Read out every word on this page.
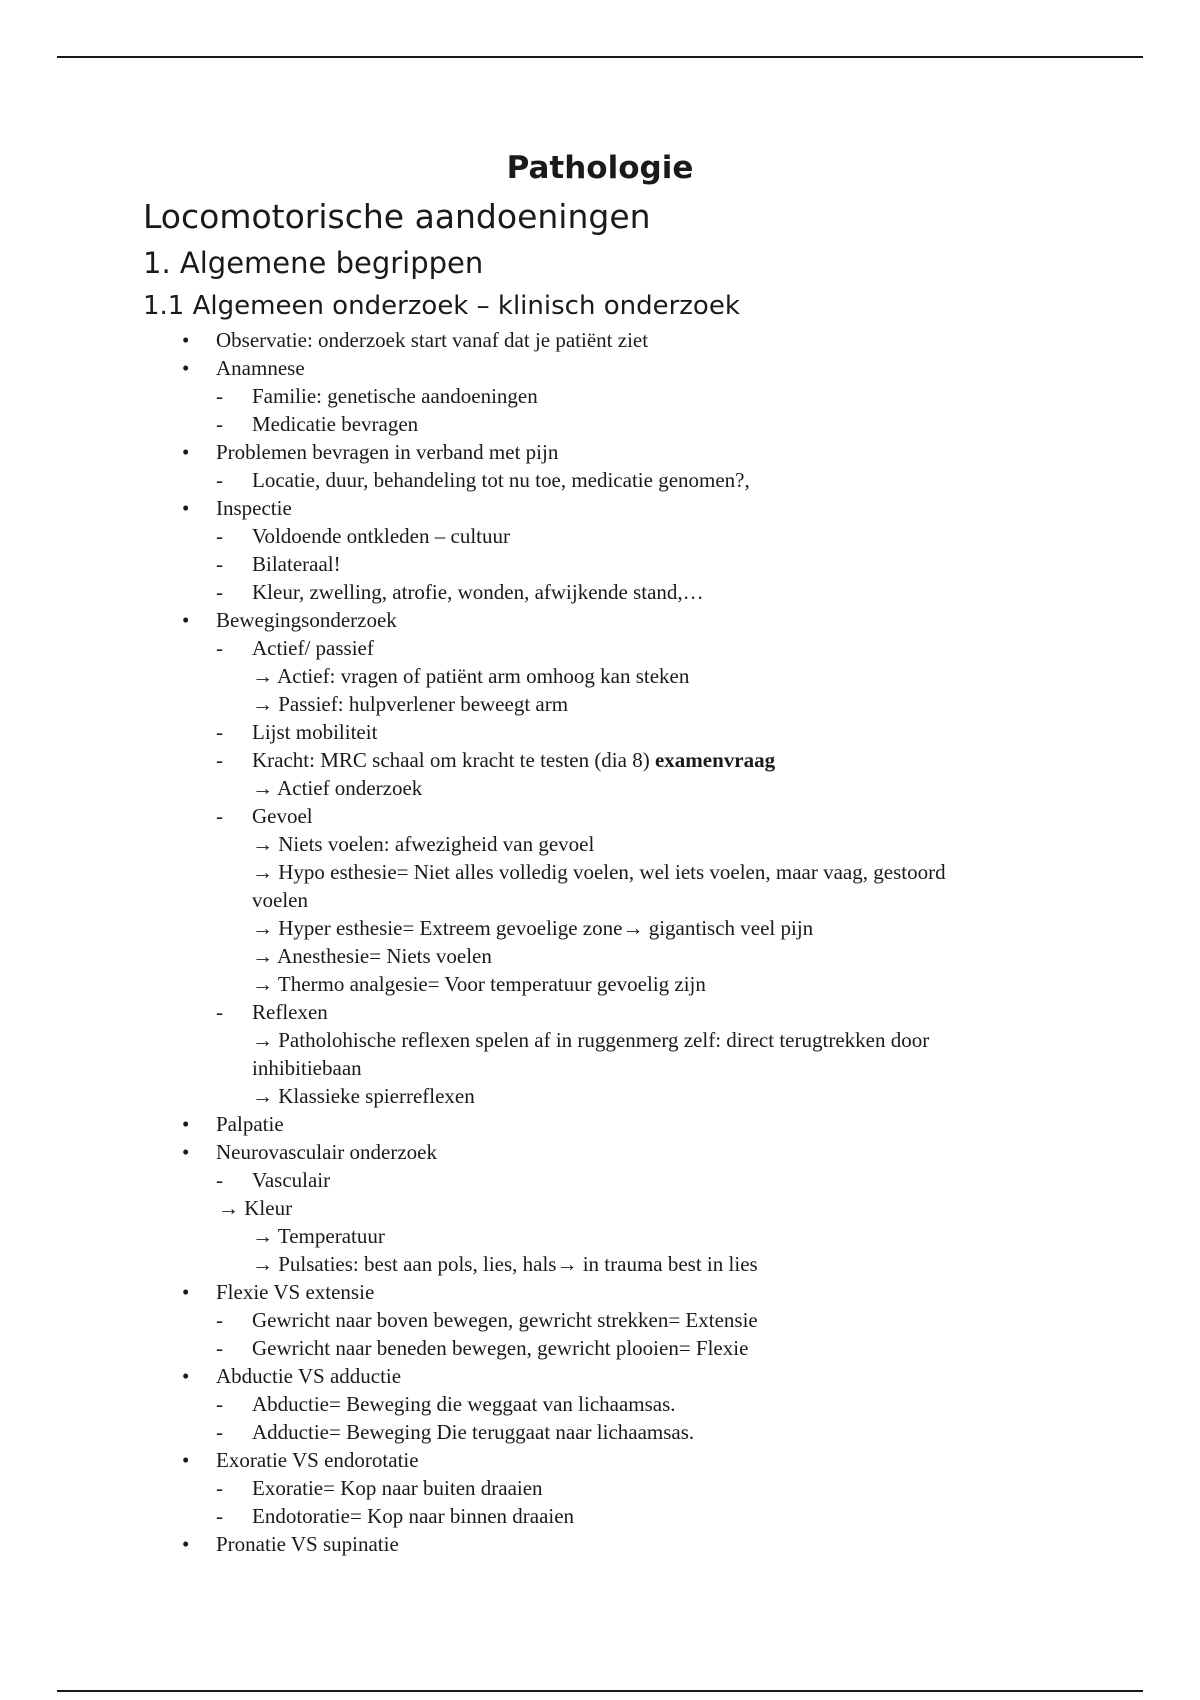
Pathologie
Locomotorische aandoeningen
1. Algemene begrippen
1.1 Algemeen onderzoek – klinisch onderzoek
• Observatie: onderzoek start vanaf dat je patiënt ziet
• Anamnese
- Familie: genetische aandoeningen
- Medicatie bevragen
• Problemen bevragen in verband met pijn
- Locatie, duur, behandeling tot nu toe, medicatie genomen?,
• Inspectie
- Voldoende ontkleden – cultuur
- Bilateraal!
- Kleur, zwelling, atrofie, wonden, afwijkende stand,…
• Bewegingsonderzoek
- Actief/ passief
→ Actief: vragen of patiënt arm omhoog kan steken
→ Passief: hulpverlener beweegt arm
- Lijst mobiliteit
- Kracht: MRC schaal om kracht te testen (dia 8) examenvraag
→ Actief onderzoek
- Gevoel
→ Niets voelen: afwezigheid van gevoel
→ Hypo esthesie= Niet alles volledig voelen, wel iets voelen, maar vaag, gestoord
voelen
→ Hyper esthesie= Extreem gevoelige zone→ gigantisch veel pijn
→ Anesthesie= Niets voelen
→ Thermo analgesie= Voor temperatuur gevoelig zijn
- Reflexen
→ Patholohische reflexen spelen af in ruggenmerg zelf: direct terugtrekken door
inhibitiebaan
→ Klassieke spierreflexen
• Palpatie
• Neurovasculair onderzoek
- Vasculair
→ Kleur
→ Temperatuur
→ Pulsaties: best aan pols, lies, hals→ in trauma best in lies
• Flexie VS extensie
- Gewricht naar boven bewegen, gewricht strekken= Extensie
- Gewricht naar beneden bewegen, gewricht plooien= Flexie
• Abductie VS adductie
- Abductie= Beweging die weggaat van lichaamsas.
- Adductie= Beweging Die teruggaat naar lichaamsas.
• Exoratie VS endorotatie
- Exoratie= Kop naar buiten draaien
- Endotoratie= Kop naar binnen draaien
• Pronatie VS supinatie
